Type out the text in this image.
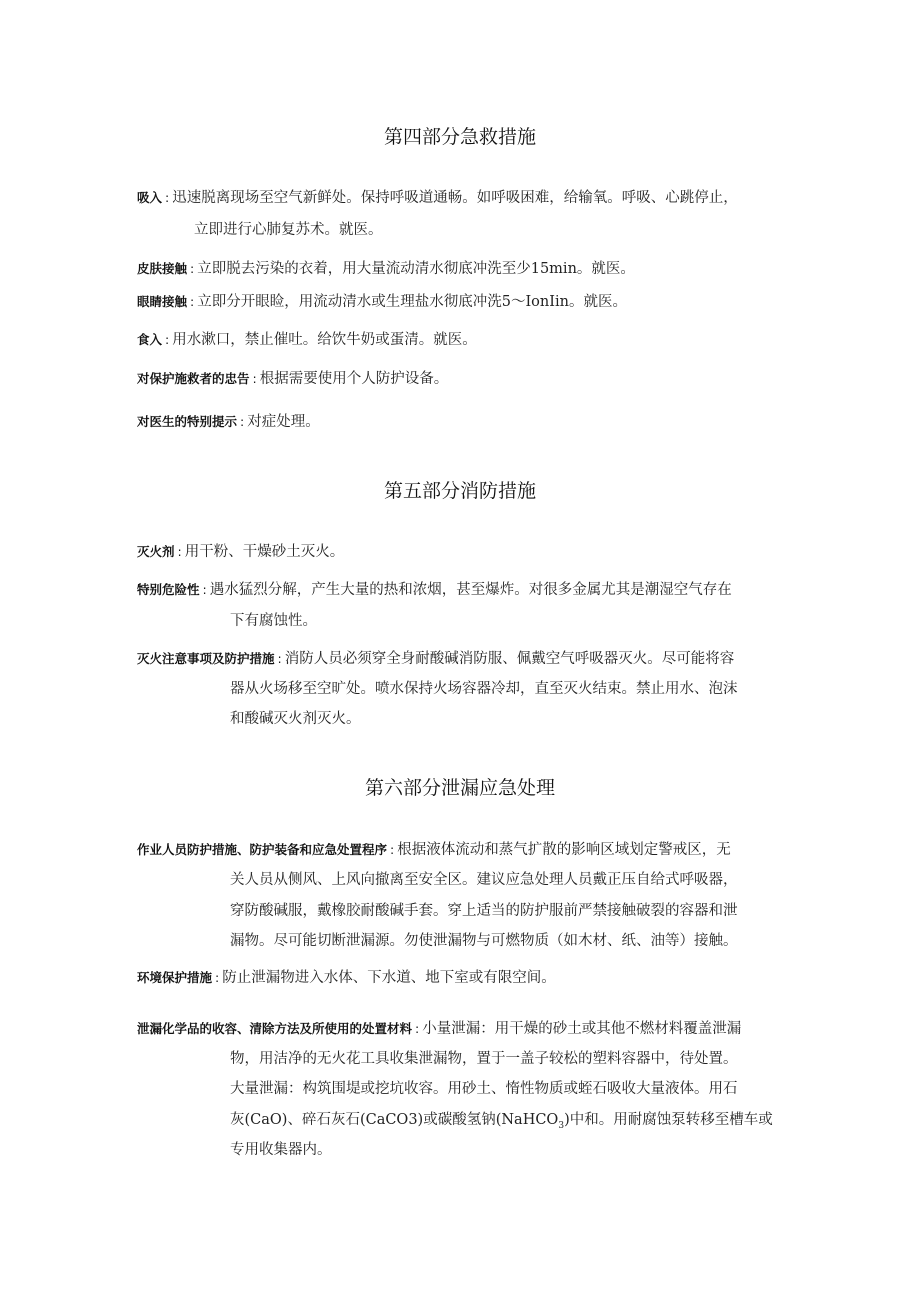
第四部分急救措施
吸入 : 迅速脱离现场至空气新鲜处。保持呼吸道通畅。如呼吸困难，给输氧。呼吸、心跳停止，
立即进行心肺复苏术。就医。
皮肤接触 : 立即脱去污染的衣着，用大量流动清水彻底冲洗至少15min。就医。
眼睛接触 : 立即分开眼睑，用流动清水或生理盐水彻底冲洗5～IonIin。就医。
食入 : 用水漱口，禁止催吐。给饮牛奶或蛋清。就医。
对保护施救者的忠告 : 根据需要使用个人防护设备。
对医生的特别提示 : 对症处理。
第五部分消防措施
灭火剂 : 用干粉、干燥砂土灭火。
特别危险性 : 遇水猛烈分解，产生大量的热和浓烟，甚至爆炸。对很多金属尤其是潮湿空气存在
下有腐蚀性。
灭火注意事项及防护措施 : 消防人员必须穿全身耐酸碱消防服、佩戴空气呼吸器灭火。尽可能将容
器从火场移至空旷处。喷水保持火场容器冷却，直至灭火结束。禁止用水、泡沫
和酸碱灭火剂灭火。
第六部分泄漏应急处理
作业人员防护措施、防护装备和应急处置程序 : 根据液体流动和蒸气扩散的影响区域划定警戒区，无
关人员从侧风、上风向撤离至安全区。建议应急处理人员戴正压自给式呼吸器，
穿防酸碱服，戴橡胶耐酸碱手套。穿上适当的防护服前严禁接触破裂的容器和泄
漏物。尽可能切断泄漏源。勿使泄漏物与可燃物质（如木材、纸、油等）接触。
环境保护措施 : 防止泄漏物进入水体、下水道、地下室或有限空间。
泄漏化学品的收容、清除方法及所使用的处置材料 : 小量泄漏：用干燥的砂土或其他不燃材料覆盖泄漏
物，用洁净的无火花工具收集泄漏物，置于一盖子较松的塑料容器中，待处置。
大量泄漏：构筑围堤或挖坑收容。用砂土、惰性物质或蛭石吸收大量液体。用石
灰(CaO)、碎石灰石(CaCO3)或碳酸氢钠(NaHCO$_3$)中和。用耐腐蚀泵转移至槽车或
专用收集器内。
